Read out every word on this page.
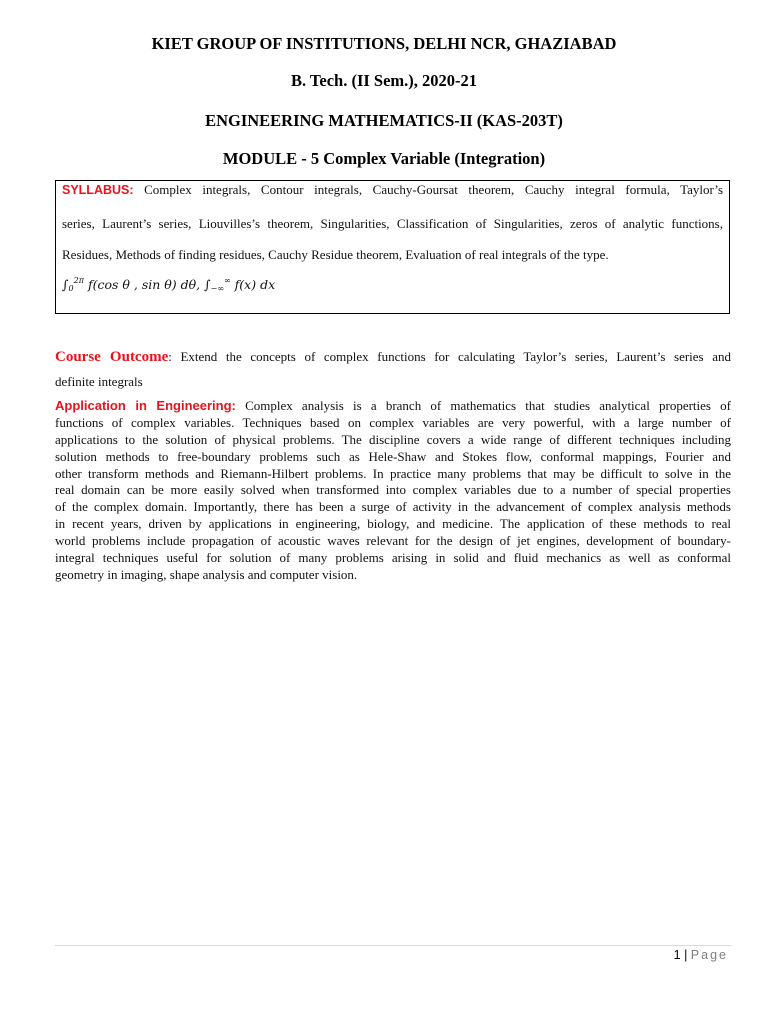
KIET GROUP OF INSTITUTIONS, DELHI NCR, GHAZIABAD
B. Tech. (II Sem.), 2020-21
ENGINEERING MATHEMATICS-II (KAS-203T)
MODULE - 5 Complex Variable (Integration)
SYLLABUS: Complex integrals, Contour integrals, Cauchy-Goursat theorem, Cauchy integral formula, Taylor’s
series, Laurent’s series, Liouvilles’s theorem, Singularities, Classification of Singularities, zeros of analytic functions,
Residues, Methods of finding residues, Cauchy Residue theorem, Evaluation of real integrals of the type.
$\int_0^{2\pi}$ f(cos θ , sin θ) dθ, $\int_{-\infty}^\infty$ f(x) dx
Course Outcome: Extend the concepts of complex functions for calculating Taylor’s series, Laurent’s series and
definite integrals
Application in Engineering: Complex analysis is a branch of mathematics that studies analytical properties of
functions of complex variables. Techniques based on complex variables are very powerful, with a large number of
applications to the solution of physical problems. The discipline covers a wide range of different techniques including
solution methods to free-boundary problems such as Hele-Shaw and Stokes flow, conformal mappings, Fourier and
other transform methods and Riemann-Hilbert problems. In practice many problems that may be difficult to solve in the
real domain can be more easily solved when transformed into complex variables due to a number of special properties
of the complex domain. Importantly, there has been a surge of activity in the advancement of complex analysis methods
in recent years, driven by applications in engineering, biology, and medicine. The application of these methods to real
world problems include propagation of acoustic waves relevant for the design of jet engines, development of boundary-
integral techniques useful for solution of many problems arising in solid and fluid mechanics as well as conformal
geometry in imaging, shape analysis and computer vision.
1 | Page
